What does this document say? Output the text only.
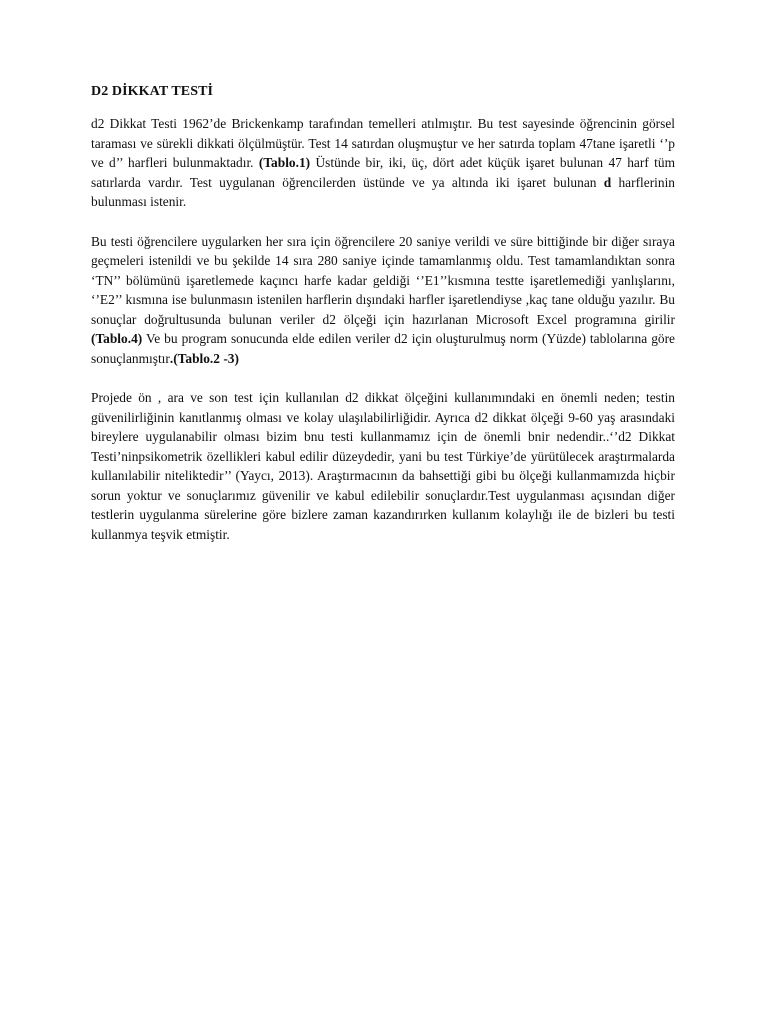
D2 DİKKAT TESTİ

d2 Dikkat Testi 1962’de Brickenkamp tarafından temelleri atılmıştır. Bu test sayesinde öğrencinin görsel taraması ve sürekli dikkati ölçülmüştür. Test 14 satırdan oluşmuştur ve her satırda toplam 47tane işaretli ‘’p ve d’’ harfleri bulunmaktadır. (Tablo.1) Üstünde bir, iki, üç, dört adet küçük işaret bulunan 47 harf tüm satırlarda vardır. Test uygulanan öğrencilerden üstünde ve ya altında iki işaret bulunan d harflerinin bulunması istenir.

Bu testi öğrencilere uygularken her sıra için öğrencilere 20 saniye verildi ve süre bittiğinde bir diğer sıraya geçmeleri istenildi ve bu şekilde 14 sıra 280 saniye içinde tamamlanmış oldu. Test tamamlandıktan sonra ‘TN’’ bölümünü işaretlemede kaçıncı harfe kadar geldiği ‘’E1’’kısmına testte işaretlemediği yanlışlarını, ‘’E2’’ kısmına ise bulunmasın istenilen harflerin dışındaki harfler işaretlendiyse ,kaç tane olduğu yazılır. Bu sonuçlar doğrultusunda bulunan veriler d2 ölçeği için hazırlanan Microsoft Excel programına girilir (Tablo.4) Ve bu program sonucunda elde edilen veriler d2 için oluşturulmuş norm (Yüzde) tablolarına göre sonuçlanmıştır.(Tablo.2 -3)

Projede ön , ara ve son test için kullanılan d2 dikkat ölçeğini kullanımındaki en önemli neden; testin güvenilirliğinin kanıtlanmış olması ve kolay ulaşılabilirliğidir. Ayrıca d2 dikkat ölçeği 9-60 yaş arasındaki bireylere uygulanabilir olması bizim bnu testi kullanmamız için de önemli bnir nedendir..‘’d2 Dikkat Testi’ninpsikometrik özellikleri kabul edilir düzeydedir, yani bu test Türkiye’de yürütülecek araştırmalarda kullanılabilir niteliktedir’’ (Yaycı, 2013). Araştırmacının da bahsettiği gibi bu ölçeği kullanmamızda hiçbir sorun yoktur ve sonuçlarımız güvenilir ve kabul edilebilir sonuçlardır.Test uygulanması açısından diğer testlerin uygulanma sürelerine göre bizlere zaman kazandırırken kullanım kolaylığı ile de bizleri bu testi kullanmya teşvik etmiştir.
